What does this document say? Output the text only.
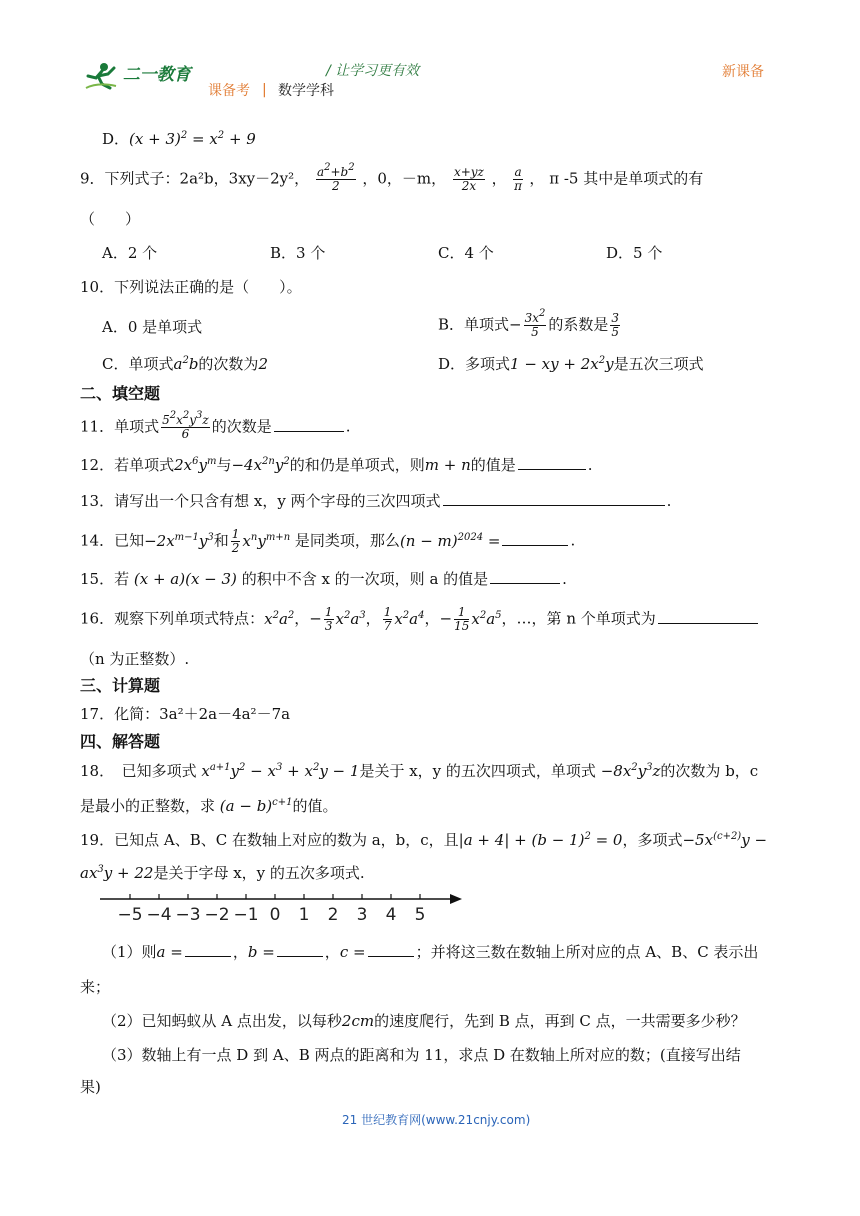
二一教育	/ 让学习更有效
课备考 | 数学学科
新课备
D．$(x + 3)^2 = x^2 + 9$
9．下列式子：2a²b，3xy－2y²， $\frac{a^2+b^2}{2}$ ，0，－m， $\frac{x+yz}{2x}$ ， $\frac{a}{\pi}$ ， π -5 其中是单项式的有
（　　）
A．2 个	B．3 个	C．4 个	D．5 个
10．下列说法正确的是（　　）。
A．0 是单项式	B．单项式− $\frac{3x^2}{5}$ 的系数是 $\frac{3}{5}$
C．单项式$a^2b$的次数为2	D．多项式1 − xy + $2x^2y$是五次三项式
二、填空题
11．单项式 $\frac{5^2x^2y^3z}{6}$ 的次数是	.
12．若单项式$2x^6y^m$与$-4x^{2n}y^2$的和仍是单项式，则m + n的值是	.
13．请写出一个只含有想 x，y 两个字母的三次四项式	.
14．已知$-2x^{m-1}y^3$和 $\frac{1}{2} x^ny^{m+n}$ 是同类项，那么$(n - m)^{2024}$ =	.
15．若 (x + a)(x − 3) 的积中不含 x 的一次项，则 a 的值是	.
16．观察下列单项式特点：$x^2a^2$，− $\frac{1}{3} x^2a^3$， $\frac{1}{7} x^2a^4$，− $\frac{1}{15} x^2a^5$，…，第 n 个单项式为
（n 为正整数）.
三、计算题
17．化简：3a²＋2a－4a²－7a
四、解答题
18．　已知多项式 $x^{a+1}y^2 - x^3 + x^2y - 1$是关于 x，y 的五次四项式，单项式 $-8x^2y^3z$的次数为 b，c
是最小的正整数，求 $(a - b)^{c+1}$的值。
19．已知点 A、B、C 在数轴上对应的数为 a，b，c，且$|a + 4| + (b - 1)^2 = 0$，多项式$-5x^{(c+2)}y$ −
$ax^3y + 22$是关于字母 x，y 的五次多项式.
−5 −4 −3 −2 −1 0 1 2 3 4 5
（1）则a =	，b =	，c =	；并将这三数在数轴上所对应的点 A、B、C 表示出
来；
（2）已知蚂蚁从 A 点出发，以每秒2cm的速度爬行，先到 B 点，再到 C 点，一共需要多少秒？
（3）数轴上有一点 D 到 A、B 两点的距离和为 11，求点 D 在数轴上所对应的数；(直接写出结
果)
21 世纪教育网(www.21cnjy.com)
